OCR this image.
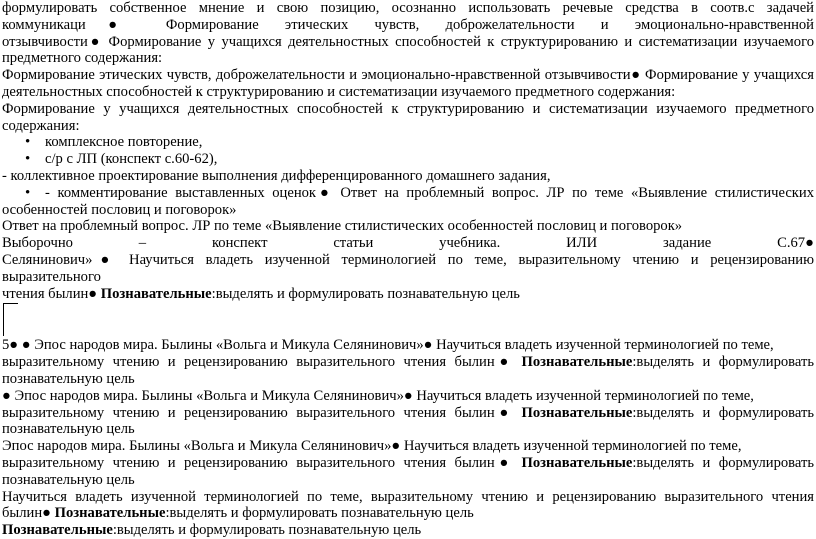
формулировать собственное мнение и свою позицию, осознанно использовать речевые средства в соотв.с задачей

коммуникаци● Формирование этических чувств, доброжелательности и эмоционально-нравственной

отзывчивости● Формирование у учащихся деятельностных способностей к структурированию и систематизации изучаемого

предметного содержания:

Формирование этических чувств, доброжелательности и эмоционально-нравственной отзывчивости● Формирование у учащихся

деятельностных способностей к структурированию и систематизации изучаемого предметного содержания:

Формирование у учащихся деятельностных способностей к структурированию и систематизации изучаемого предметного

содержания:

• комплексное повторение,
• с/р с ЛП (конспект с.60-62),

- коллективное проектирование выполнения дифференцированного домашнего задания,

• - комментирование выставленных оценок● Ответ на проблемный вопрос. ЛР по теме «Выявление стилистических

особенностей пословиц и поговорок»

Ответ на проблемный вопрос. ЛР по теме «Выявление стилистических особенностей пословиц и поговорок»

Выборочно	–	конспект	статьи	учебника.	ИЛИ	задание	С.67●

Селянинович»● Научиться владеть изученной терминологией по теме, выразительному чтению и рецензированию выразительного

чтения былин● Познавательные:выделять и формулировать познавательную цель

5● ● Эпос народов мира. Былины «Вольга и Микула Селянинович»● Научиться владеть изученной терминологией по теме,

выразительному чтению и рецензированию выразительного чтения былин● Познавательные:выделять и формулировать

познавательную цель

● Эпос народов мира. Былины «Вольга и Микула Селянинович»● Научиться владеть изученной терминологией по теме,

выразительному чтению и рецензированию выразительного чтения былин● Познавательные:выделять и формулировать

познавательную цель

Эпос народов мира. Былины «Вольга и Микула Селянинович»● Научиться владеть изученной терминологией по теме,

выразительному чтению и рецензированию выразительного чтения былин● Познавательные:выделять и формулировать

познавательную цель

Научиться владеть изученной терминологией по теме, выразительному чтению и рецензированию выразительного чтения

былин● Познавательные:выделять и формулировать познавательную цель

Познавательные:выделять и формулировать познавательную цель
